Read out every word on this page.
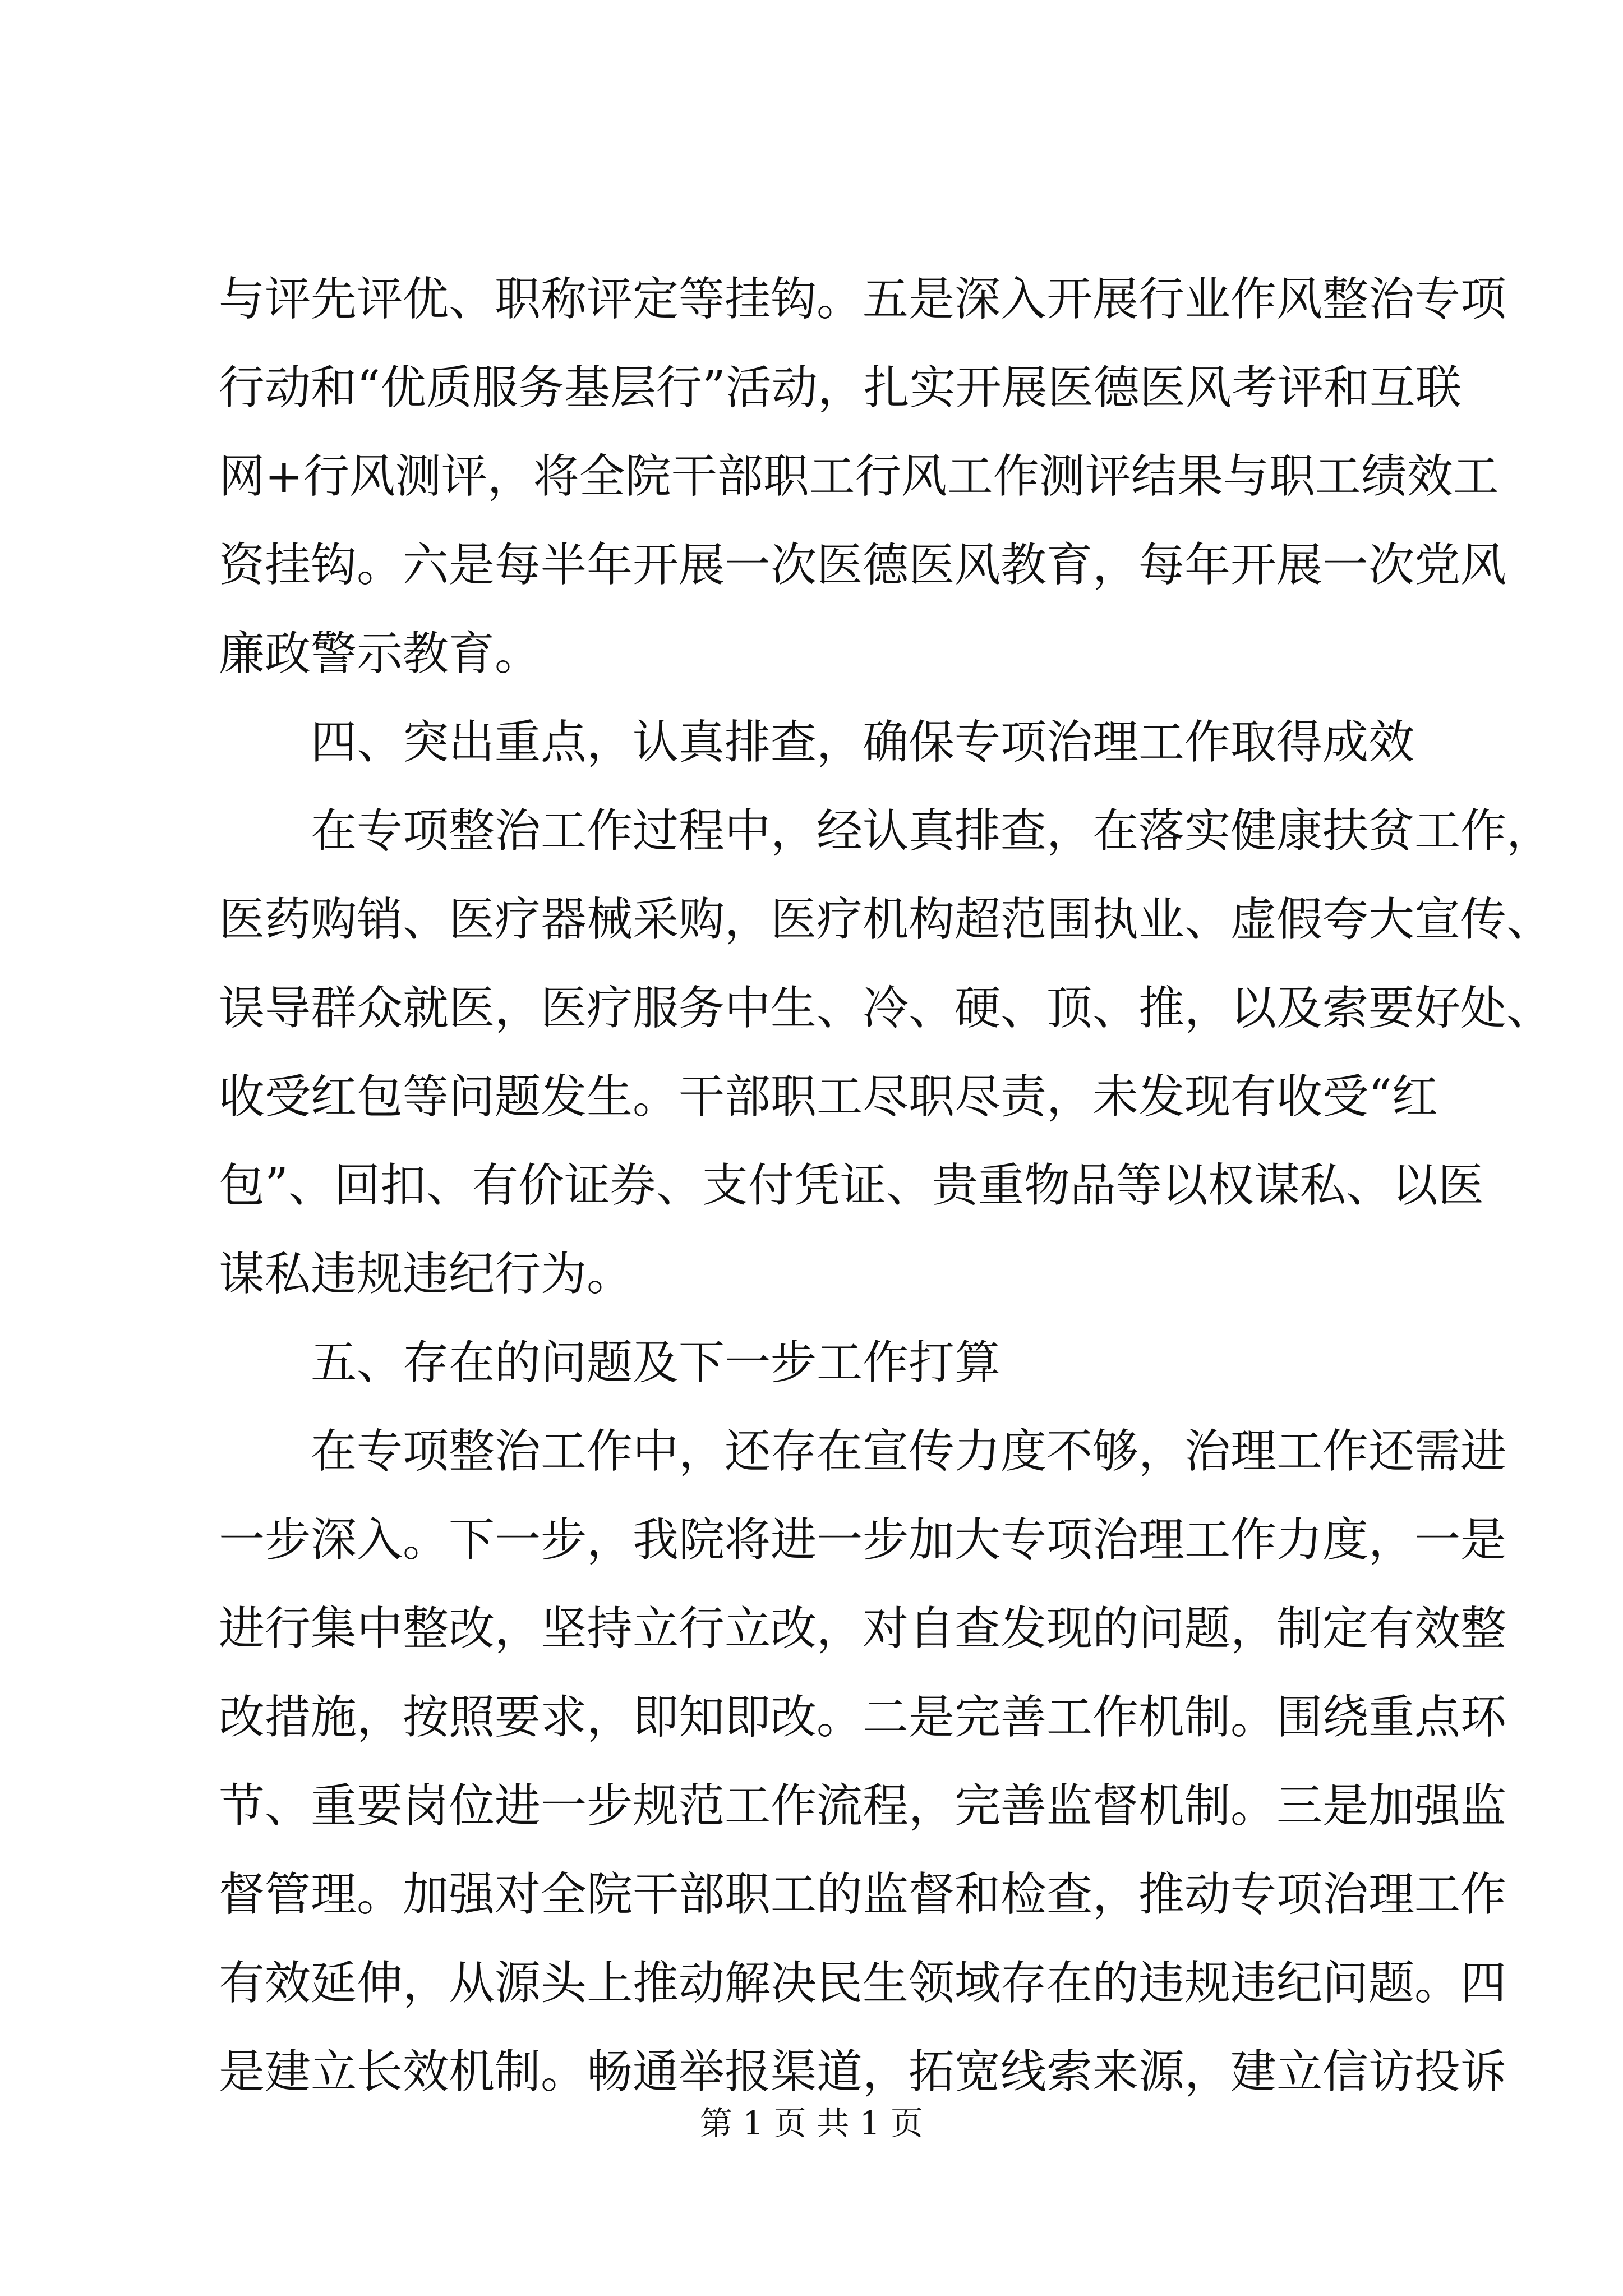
与评先评优、职称评定等挂钩。五是深入开展行业作风整治专项
行动和“优质服务基层行”活动，扎实开展医德医风考评和互联
网+行风测评，将全院干部职工行风工作测评结果与职工绩效工
资挂钩。六是每半年开展一次医德医风教育，每年开展一次党风
廉政警示教育。
四、突出重点，认真排查，确保专项治理工作取得成效
在专项整治工作过程中，经认真排查，在落实健康扶贫工作，
医药购销、医疗器械采购，医疗机构超范围执业、虚假夸大宣传、
误导群众就医，医疗服务中生、冷、硬、顶、推，以及索要好处、
收受红包等问题发生。干部职工尽职尽责，未发现有收受“红
包”、回扣、有价证券、支付凭证、贵重物品等以权谋私、以医
谋私违规违纪行为。
五、存在的问题及下一步工作打算
在专项整治工作中，还存在宣传力度不够，治理工作还需进
一步深入。下一步，我院将进一步加大专项治理工作力度，一是
进行集中整改，坚持立行立改，对自查发现的问题，制定有效整
改措施，按照要求，即知即改。二是完善工作机制。围绕重点环
节、重要岗位进一步规范工作流程，完善监督机制。三是加强监
督管理。加强对全院干部职工的监督和检查，推动专项治理工作
有效延伸，从源头上推动解决民生领域存在的违规违纪问题。四
是建立长效机制。畅通举报渠道，拓宽线索来源，建立信访投诉
第 1 页 共 1 页
